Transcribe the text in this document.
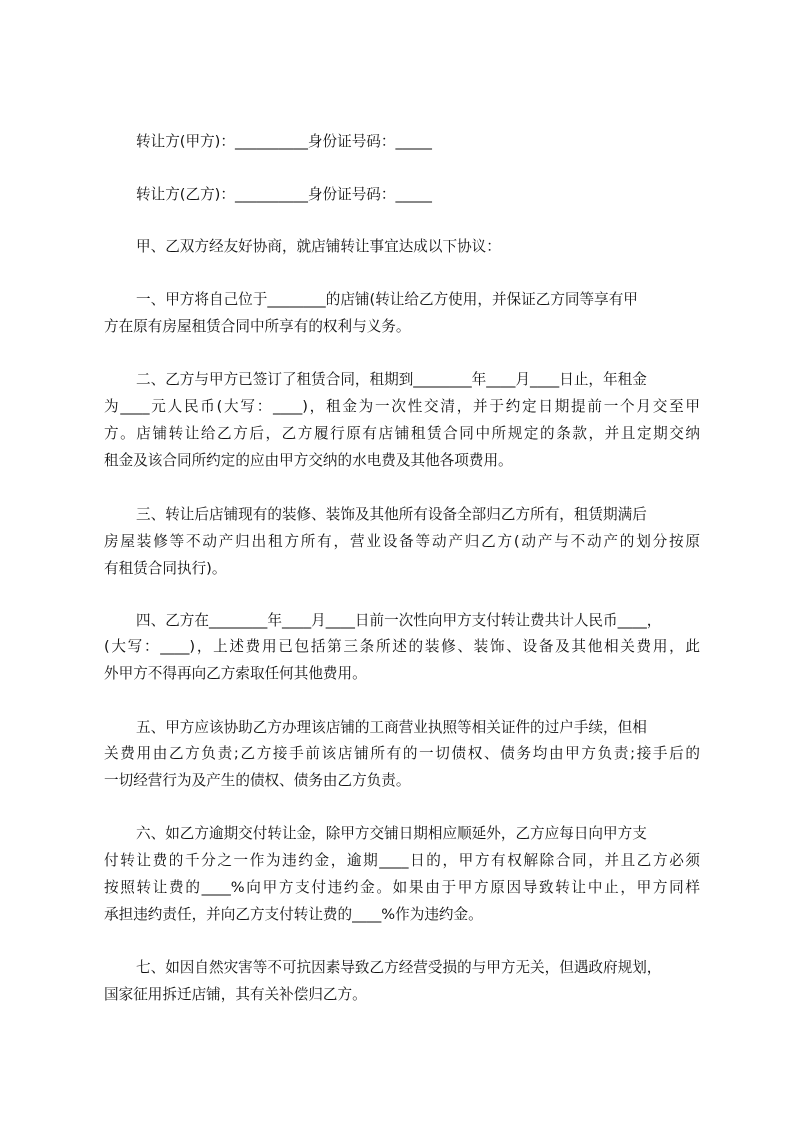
转让方(甲方)：__________身份证号码：_____
转让方(乙方)：__________身份证号码：_____
甲、乙双方经友好协商，就店铺转让事宜达成以下协议：
一、甲方将自己位于________的店铺(转让给乙方使用，并保证乙方同等享有甲
方在原有房屋租赁合同中所享有的权利与义务。
二、乙方与甲方已签订了租赁合同，租期到________年____月____日止，年租金
为____元人民币(大写：____)，租金为一次性交清，并于约定日期提前一个月交至甲
方。店铺转让给乙方后，乙方履行原有店铺租赁合同中所规定的条款，并且定期交纳
租金及该合同所约定的应由甲方交纳的水电费及其他各项费用。
三、转让后店铺现有的装修、装饰及其他所有设备全部归乙方所有，租赁期满后
房屋装修等不动产归出租方所有，营业设备等动产归乙方(动产与不动产的划分按原
有租赁合同执行)。
四、乙方在________年____月____日前一次性向甲方支付转让费共计人民币____，
(大写：____)，上述费用已包括第三条所述的装修、装饰、设备及其他相关费用，此
外甲方不得再向乙方索取任何其他费用。
五、甲方应该协助乙方办理该店铺的工商营业执照等相关证件的过户手续，但相
关费用由乙方负责;乙方接手前该店铺所有的一切债权、债务均由甲方负责;接手后的
一切经营行为及产生的债权、债务由乙方负责。
六、如乙方逾期交付转让金，除甲方交铺日期相应顺延外，乙方应每日向甲方支
付转让费的千分之一作为违约金，逾期____日的，甲方有权解除合同，并且乙方必须
按照转让费的____%向甲方支付违约金。如果由于甲方原因导致转让中止，甲方同样
承担违约责任，并向乙方支付转让费的____%作为违约金。
七、如因自然灾害等不可抗因素导致乙方经营受损的与甲方无关，但遇政府规划，
国家征用拆迁店铺，其有关补偿归乙方。
